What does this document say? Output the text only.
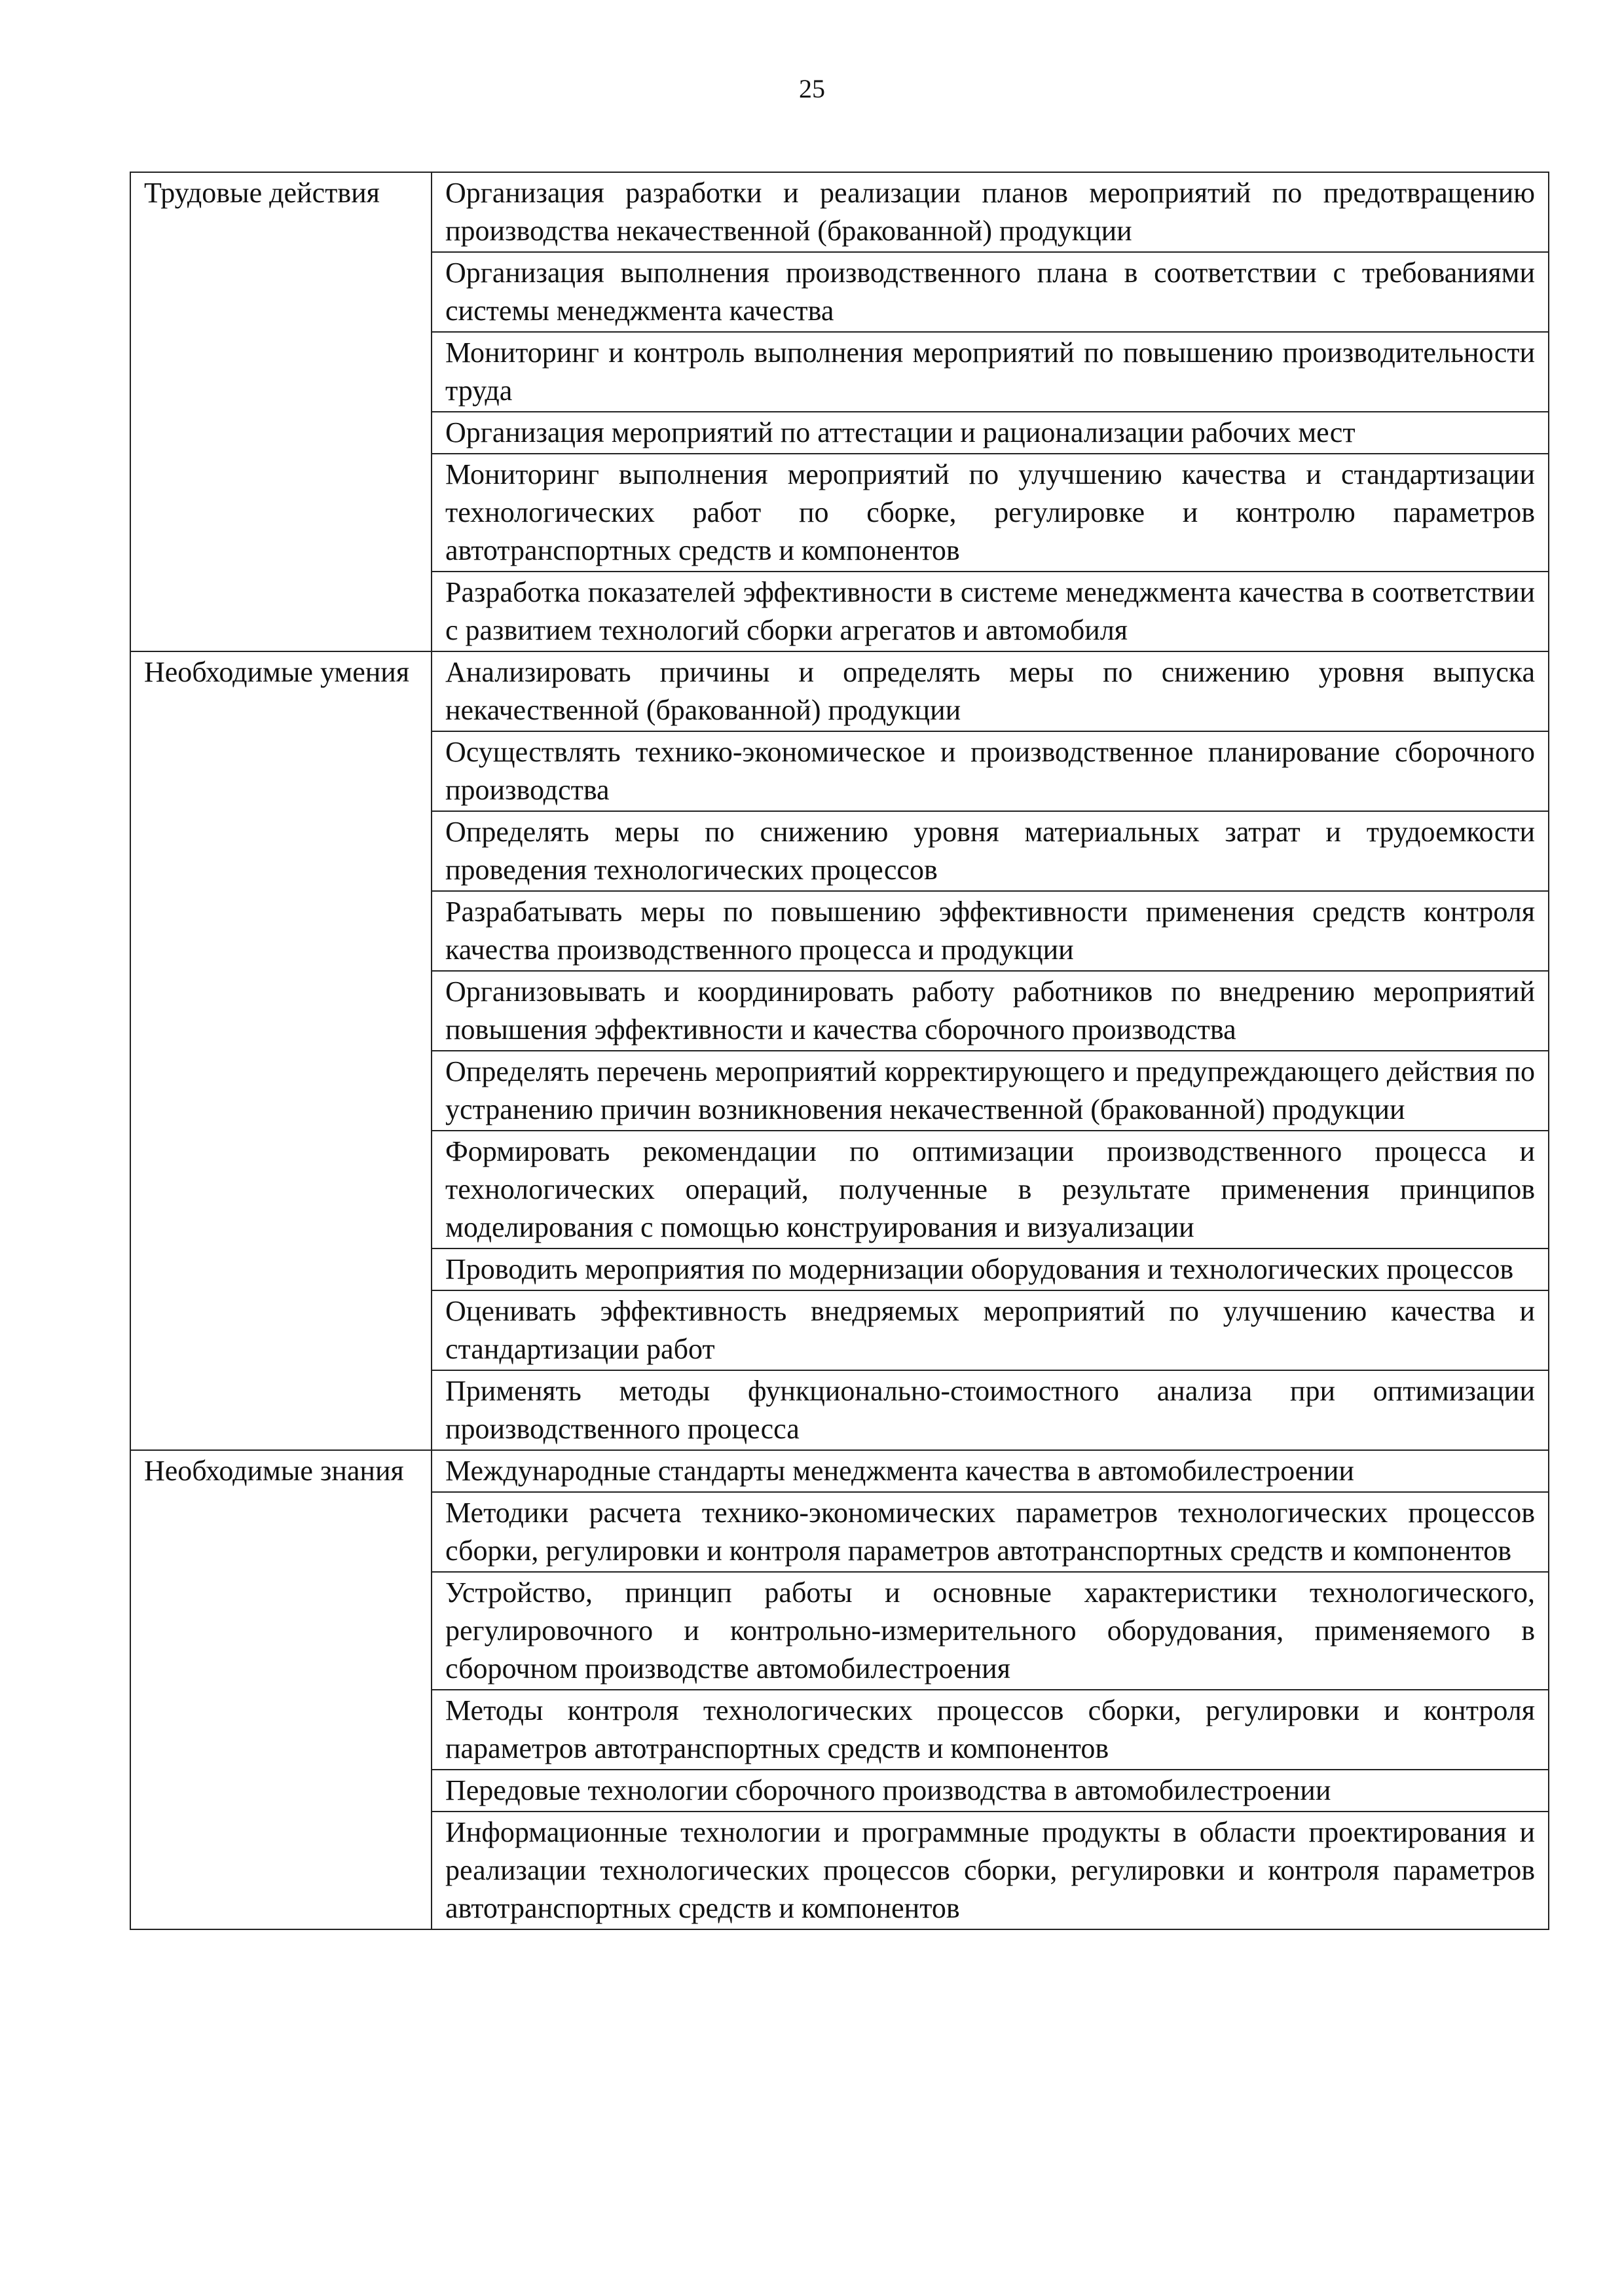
25
Трудовые действия	Организация разработки и реализации планов мероприятий по предотвращению производства некачественной (бракованной) продукции
	Организация выполнения производственного плана в соответствии с требованиями системы менеджмента качества
	Мониторинг и контроль выполнения мероприятий по повышению производительности труда
	Организация мероприятий по аттестации и рационализации рабочих мест
	Мониторинг выполнения мероприятий по улучшению качества и стандартизации технологических работ по сборке, регулировке и контролю параметров автотранспортных средств и компонентов
	Разработка показателей эффективности в системе менеджмента качества в соответствии с развитием технологий сборки агрегатов и автомобиля
Необходимые умения	Анализировать причины и определять меры по снижению уровня выпуска некачественной (бракованной) продукции
	Осуществлять технико-экономическое и производственное планирование сборочного производства
	Определять меры по снижению уровня материальных затрат и трудоемкости проведения технологических процессов
	Разрабатывать меры по повышению эффективности применения средств контроля качества производственного процесса и продукции
	Организовывать и координировать работу работников по внедрению мероприятий повышения эффективности и качества сборочного производства
	Определять перечень мероприятий корректирующего и предупреждающего действия по устранению причин возникновения некачественной (бракованной) продукции
	Формировать рекомендации по оптимизации производственного процесса и технологических операций, полученные в результате применения принципов моделирования с помощью конструирования и визуализации
	Проводить мероприятия по модернизации оборудования и технологических процессов
	Оценивать эффективность внедряемых мероприятий по улучшению качества и стандартизации работ
	Применять методы функционально-стоимостного анализа при оптимизации производственного процесса
Необходимые знания	Международные стандарты менеджмента качества в автомобилестроении
	Методики расчета технико-экономических параметров технологических процессов сборки, регулировки и контроля параметров автотранспортных средств и компонентов
	Устройство, принцип работы и основные характеристики технологического, регулировочного и контрольно-измерительного оборудования, применяемого в сборочном производстве автомобилестроения
	Методы контроля технологических процессов сборки, регулировки и контроля параметров автотранспортных средств и компонентов
	Передовые технологии сборочного производства в автомобилестроении
	Информационные технологии и программные продукты в области проектирования и реализации технологических процессов сборки, регулировки и контроля параметров автотранспортных средств и компонентов
